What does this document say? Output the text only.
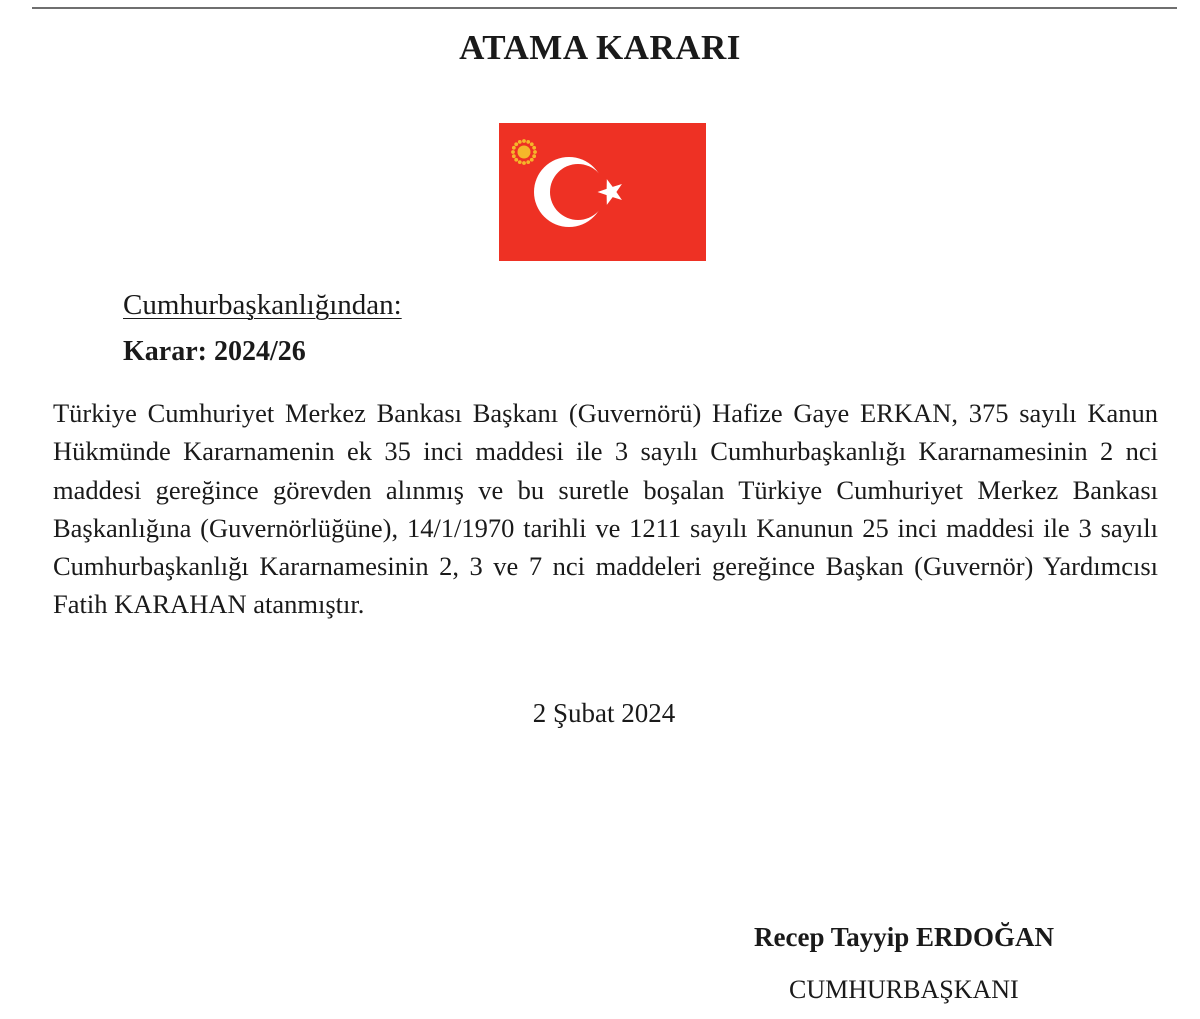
ATAMA KARARI
Cumhurbaşkanlığından:
Karar: 2024/26

Türkiye Cumhuriyet Merkez Bankası Başkanı (Guvernörü) Hafize Gaye ERKAN, 375 sayılı Kanun Hükmünde Kararnamenin ek 35 inci maddesi ile 3 sayılı Cumhurbaşkanlığı Kararnamesinin 2 nci maddesi gereğince görevden alınmış ve bu suretle boşalan Türkiye Cumhuriyet Merkez Bankası Başkanlığına (Guvernörlüğüne), 14/1/1970 tarihli ve 1211 sayılı Kanunun 25 inci maddesi ile 3 sayılı Cumhurbaşkanlığı Kararnamesinin 2, 3 ve 7 nci maddeleri gereğince Başkan (Guvernör) Yardımcısı Fatih KARAHAN atanmıştır.

2 Şubat 2024
Recep Tayyip ERDOĞAN
CUMHURBAŞKANI
